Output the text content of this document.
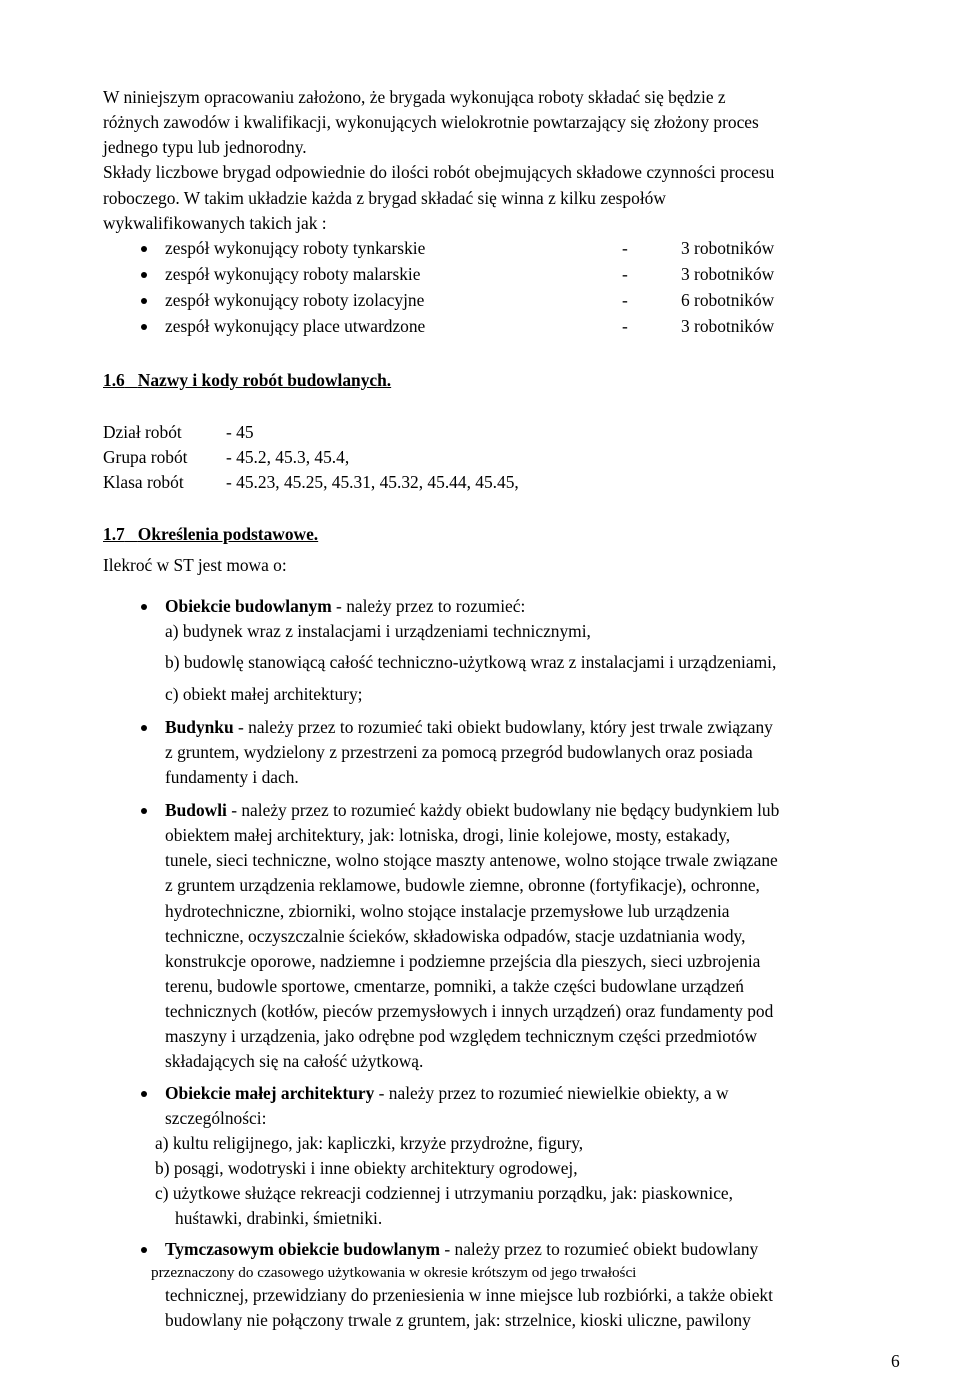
W niniejszym opracowaniu założono, że brygada wykonująca roboty składać się będzie z
różnych zawodów i kwalifikacji, wykonujących wielokrotnie powtarzający się złożony proces
jednego typu lub jednorodny.
Składy liczbowe brygad odpowiednie do ilości robót obejmujących składowe czynności procesu
roboczego. W takim układzie każda z brygad składać się winna z kilku zespołów
wykwalifikowanych takich jak :
zespół wykonujący roboty tynkarskie	-	3 robotników
zespół wykonujący roboty malarskie	-	3 robotników
zespół wykonujący roboty izolacyjne	-	6 robotników
zespół wykonujący place utwardzone	-	3 robotników
1.6 Nazwy i kody robót budowlanych.
Dział robót	- 45
Grupa robót - 45.2, 45.3, 45.4,
Klasa robót - 45.23, 45.25, 45.31, 45.32, 45.44, 45.45,
1.7 Określenia podstawowe.
Ilekroć w ST jest mowa o:
Obiekcie budowlanym - należy przez to rozumieć:
a) budynek wraz z instalacjami i urządzeniami technicznymi,
b) budowlę stanowiącą całość techniczno-użytkową wraz z instalacjami i urządzeniami,
c) obiekt małej architektury;
Budynku - należy przez to rozumieć taki obiekt budowlany, który jest trwale związany
z gruntem, wydzielony z przestrzeni za pomocą przegród budowlanych oraz posiada
fundamenty i dach.
Budowli - należy przez to rozumieć każdy obiekt budowlany nie będący budynkiem lub
obiektem małej architektury, jak: lotniska, drogi, linie kolejowe, mosty, estakady,
tunele, sieci techniczne, wolno stojące maszty antenowe, wolno stojące trwale związane
z gruntem urządzenia reklamowe, budowle ziemne, obronne (fortyfikacje), ochronne,
hydrotechniczne, zbiorniki, wolno stojące instalacje przemysłowe lub urządzenia
techniczne, oczyszczalnie ścieków, składowiska odpadów, stacje uzdatniania wody,
konstrukcje oporowe, nadziemne i podziemne przejścia dla pieszych, sieci uzbrojenia
terenu, budowle sportowe, cmentarze, pomniki, a także części budowlane urządzeń
technicznych (kotłów, pieców przemysłowych i innych urządzeń) oraz fundamenty pod
maszyny i urządzenia, jako odrębne pod względem technicznym części przedmiotów
składających się na całość użytkową.
Obiekcie małej architektury - należy przez to rozumieć niewielkie obiekty, a w
szczególności:
a) kultu religijnego, jak: kapliczki, krzyże przydrożne, figury,
b) posągi, wodotryski i inne obiekty architektury ogrodowej,
c) użytkowe służące rekreacji codziennej i utrzymaniu porządku, jak: piaskownice,
huśtawki, drabinki, śmietniki.
Tymczasowym obiekcie budowlanym - należy przez to rozumieć obiekt budowlany
przeznaczony do czasowego użytkowania w okresie krótszym od jego trwałości
technicznej, przewidziany do przeniesienia w inne miejsce lub rozbiórki, a także obiekt
budowlany nie połączony trwale z gruntem, jak: strzelnice, kioski uliczne, pawilony
6
